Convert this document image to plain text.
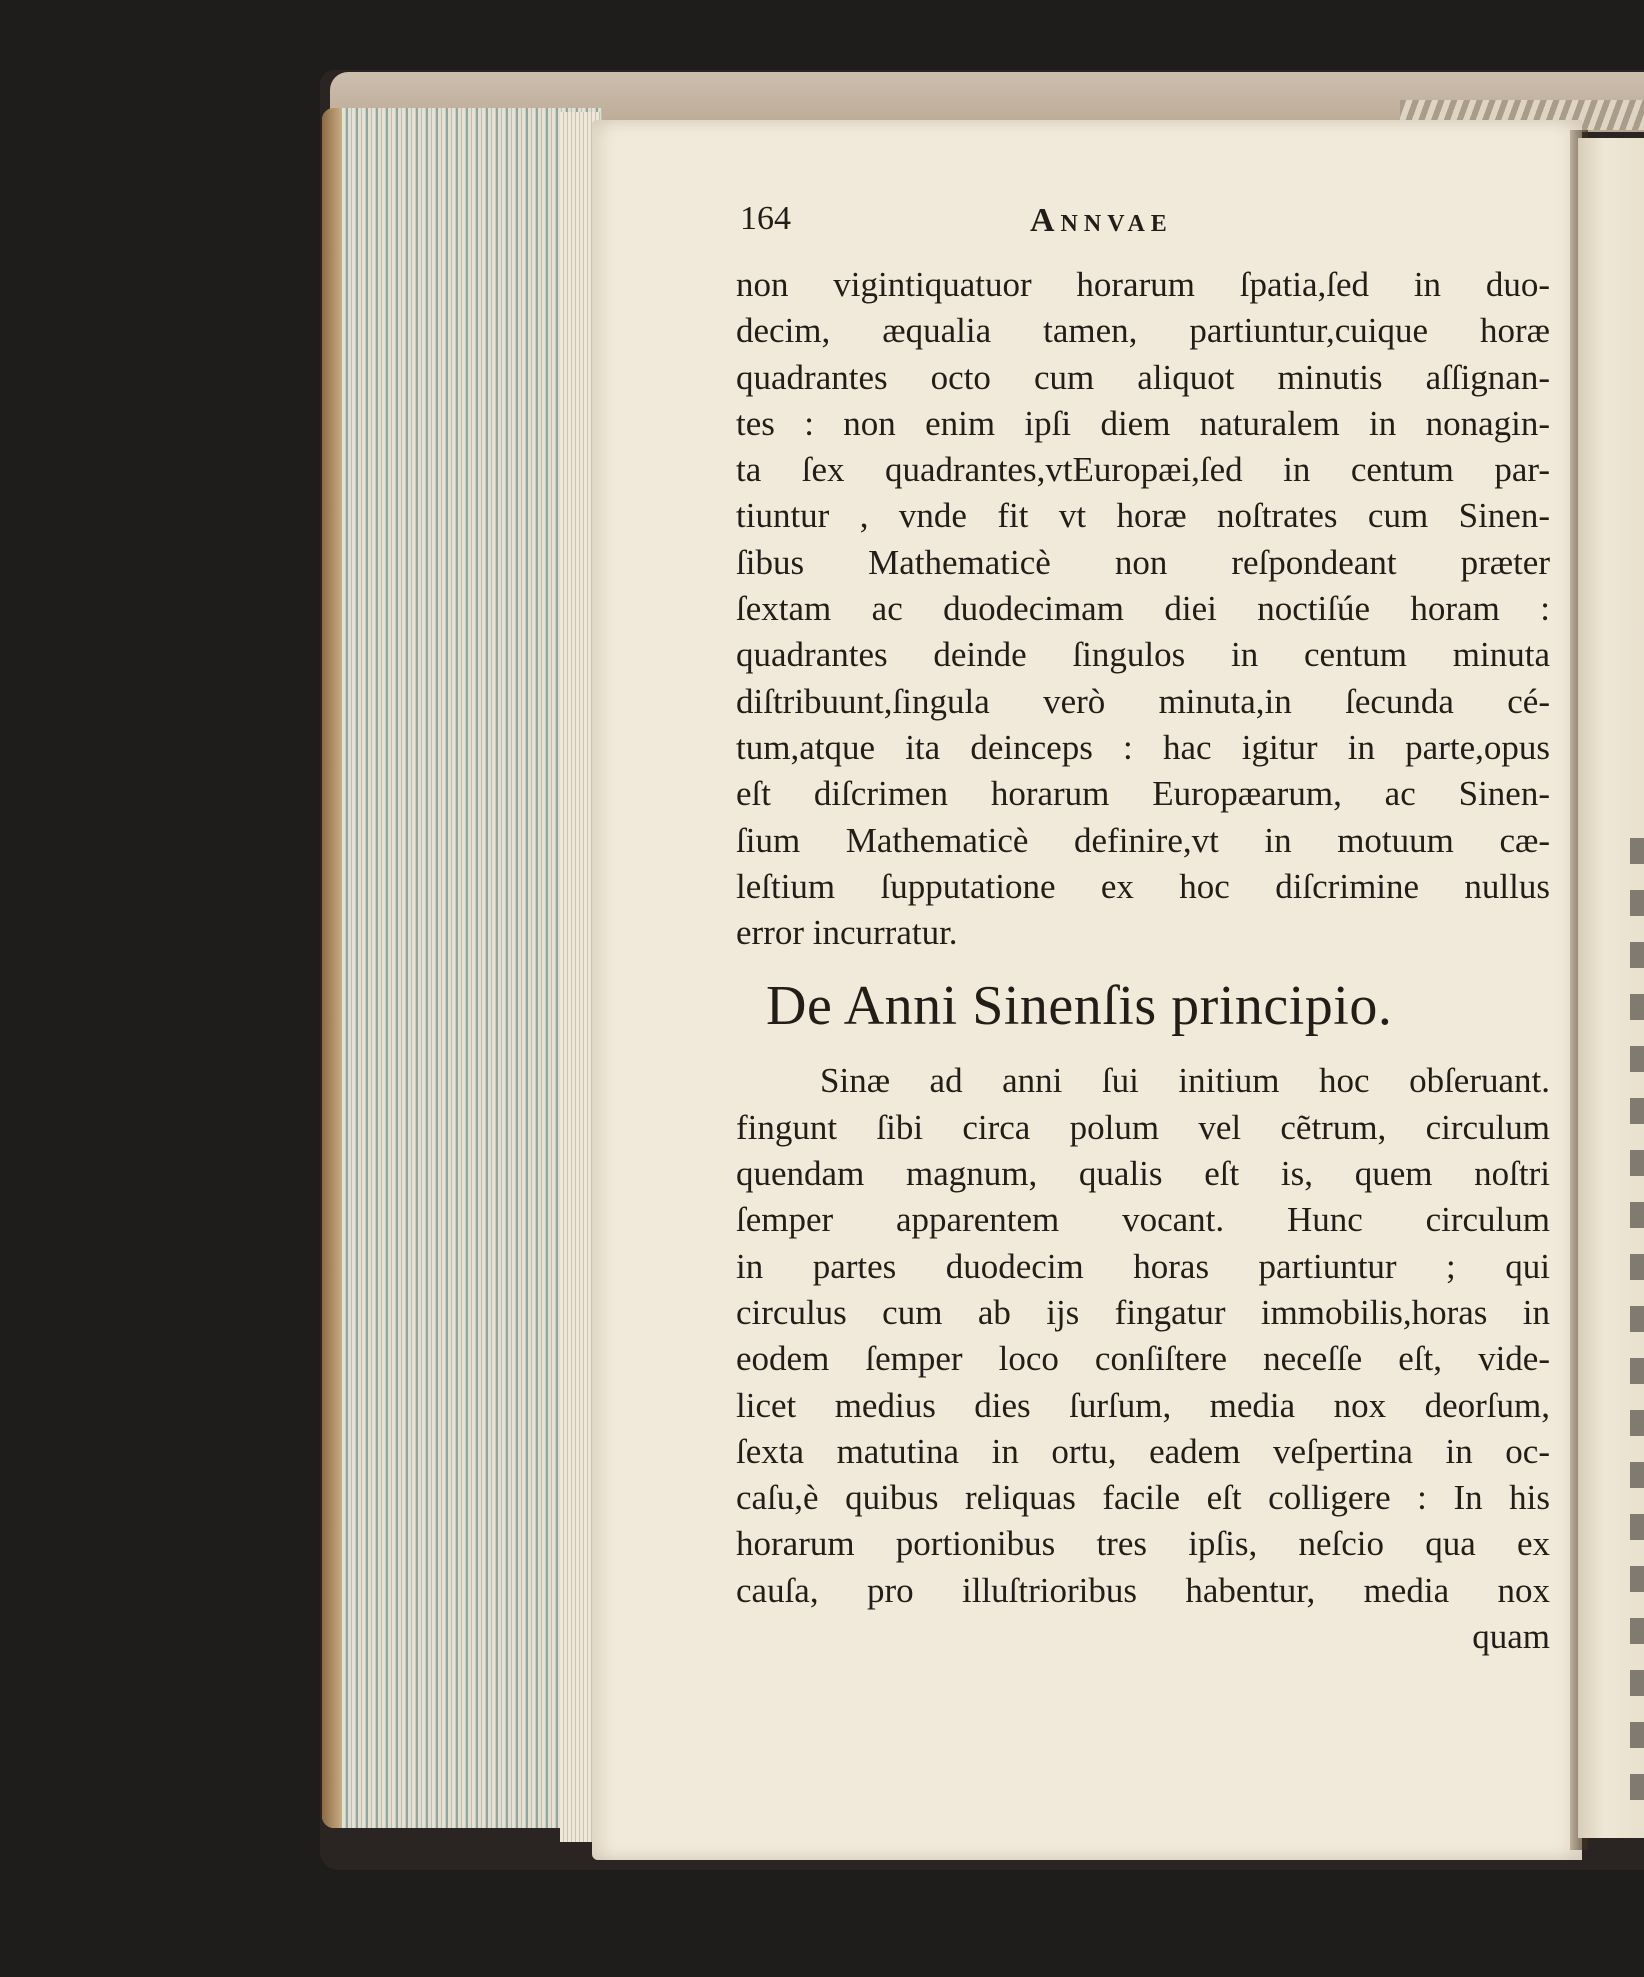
164	Annvae
non vigintiquatuor horarum ſpatia,ſed in duo-
decim, æqualia tamen, partiuntur,cuique horæ
quadrantes octo cum aliquot minutis aſſignan-
tes : non enim ipſi diem naturalem in nonagin-
ta ſex quadrantes,vtEuropæi,ſed in centum par-
tiuntur , vnde fit vt horæ noſtrates cum Sinen-
ſibus Mathematicè non reſpondeant præter
ſextam ac duodecimam diei noctiſúe horam :
quadrantes deinde ſingulos in centum minuta
diſtribuunt,ſingula verò minuta,in ſecunda cé-
tum,atque ita deinceps : hac igitur in parte,opus
eſt diſcrimen horarum Europæarum, ac Sinen-
ſium Mathematicè definire,vt in motuum cæ-
leſtium ſupputatione ex hoc diſcrimine nullus
error incurratur.
De Anni Sinenſis principio.
Sinæ ad anni ſui initium hoc obſeruant.
fingunt ſibi circa polum vel cẽtrum, circulum
quendam magnum, qualis eſt is, quem noſtri
ſemper apparentem vocant. Hunc circulum
in partes duodecim horas partiuntur ; qui
circulus cum ab ijs fingatur immobilis,horas in
eodem ſemper loco conſiſtere neceſſe eſt, vide-
licet medius dies ſurſum, media nox deorſum,
ſexta matutina in ortu, eadem veſpertina in oc-
caſu,è quibus reliquas facile eſt colligere : In his
horarum portionibus tres ipſis, neſcio qua ex
cauſa, pro illuſtrioribus habentur, media nox
quam
